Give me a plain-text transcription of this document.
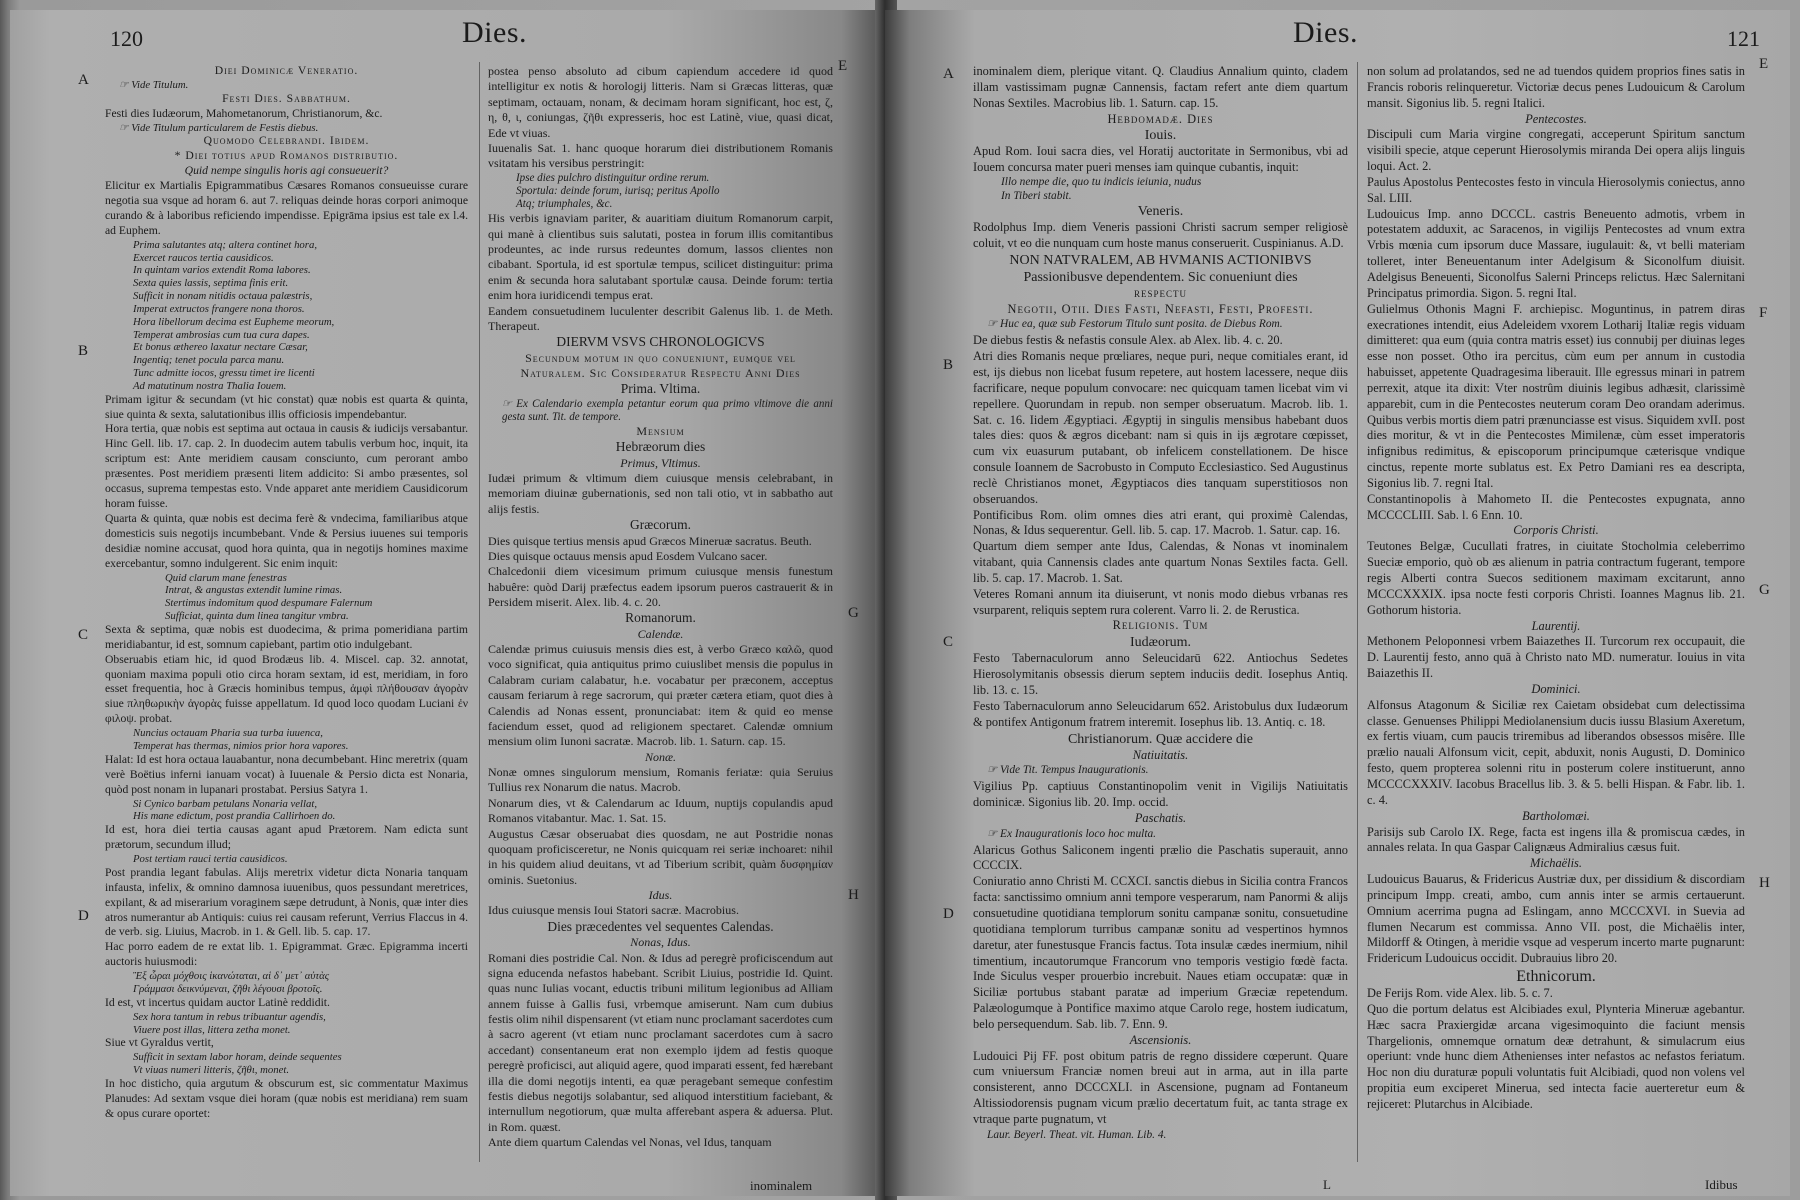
120	Dies.
A
B
C
D
E
G
H

Diei Dominicæ Veneratio.

☞ Vide Titulum.

Festi Dies. Sabbathum.

Festi dies Iudæorum, Mahometanorum, Christianorum, &c.

☞ Vide Titulum particularem de Festis diebus.

Quomodo Celebrandi. Ibidem.

* Diei totius apud Romanos distributio.

Quid nempe singulis horis agi consueuerit?

Elicitur ex Martialis Epigrammatibus Cæsares Romanos consueuisse curare negotia sua vsque ad horam 6. aut 7. reliquas deinde horas corpori animoque curando & à laboribus reficiendo impendisse. Epigrāma ipsius est tale ex l.4. ad Euphem.

Prima salutantes atq; altera continet hora,

Exercet raucos tertia causidicos.

In quintam varios extendit Roma labores.

Sexta quies lassis, septima finis erit.

Sufficit in nonam nitidis octaua palæstris,

Imperat extructos frangere nona thoros.

Hora libellorum decima est Eupheme meorum,

Temperat ambrosias cum tua cura dapes.

Et bonus æthereo laxatur nectare Cæsar,

Ingentiq; tenet pocula parca manu.

Tunc admitte iocos, gressu timet ire licenti

Ad matutinum nostra Thalia Iouem.

Primam igitur & secundam (vt hic constat) quæ nobis est quarta & quinta, siue quinta & sexta, salutationibus illis officiosis impendebantur.

Hora tertia, quæ nobis est septima aut octaua in causis & iudicijs versabantur. Hinc Gell. lib. 17. cap. 2. In duodecim autem tabulis verbum hoc, inquit, ita scriptum est: Ante meridiem causam consciunto, cum perorant ambo præsentes. Post meridiem præsenti litem addicito: Si ambo præsentes, sol occasus, suprema tempestas esto. Vnde apparet ante meridiem Causidicorum horam fuisse.

Quarta & quinta, quæ nobis est decima ferè & vndecima, familiaribus atque domesticis suis negotijs incumbebant. Vnde & Persius iuuenes sui temporis desidiæ nomine accusat, quod hora quinta, qua in negotijs homines maxime exercebantur, somno indulgerent. Sic enim inquit:

Quid clarum mane fenestras

Intrat, & angustas extendit lumine rimas.

Stertimus indomitum quod despumare Falernum

Sufficiat, quinta dum linea tangitur vmbra.

Sexta & septima, quæ nobis est duodecima, & prima pomeridiana partim meridiabantur, id est, somnum capiebant, partim otio indulgebant.

Obseruabis etiam hic, id quod Brodæus lib. 4. Miscel. cap. 32. annotat, quoniam maxima populi otio circa horam sextam, id est, meridiam, in foro esset frequentia, hoc à Græcis hominibus tempus, ἀμφὶ πλήθουσαν ἀγορὰν siue πληθωρικὴν ἀγορὰς fuisse appellatum. Id quod loco quodam Luciani ἐν φιλοψ. probat.

Nuncius octauam Pharia sua turba iuuenca,

Temperat has thermas, nimios prior hora vapores.

Halat: Id est hora octaua lauabantur, nona decumbebant. Hinc meretrix (quam verè Boëtius inferni ianuam vocat) à Iuuenale & Persio dicta est Nonaria, quòd post nonam in lupanari prostabat. Persius Satyra 1.

Si Cynico barbam petulans Nonaria vellat,

His mane edictum, post prandia Callirhoen do.

Id est, hora diei tertia causas agant apud Prætorem. Nam edicta sunt prætorum, secundum illud;

Post tertiam rauci tertia causidicos.

Post prandia legant fabulas. Alijs meretrix videtur dicta Nonaria tanquam infausta, infelix, & omnino damnosa iuuenibus, quos pessundant meretrices, expilant, & ad miserarium voraginem sæpe detrudunt, à Nonis, quæ inter dies atros numerantur ab Antiquis: cuius rei causam referunt, Verrius Flaccus in 4. de verb. sig. Liuius, Macrob. in 1. & Gell. lib. 5. cap. 17.

Hac porro eadem de re extat lib. 1. Epigrammat. Græc. Epigramma incerti auctoris huiusmodi:

Ἓξ ὧραι μόχθοις ἱκανώταται, αἱ δ᾽ μετ᾽ αὐτὰς

Γράμμασι δεικνύμεναι, ζῆθι λέγουσι βροτοῖς.

Id est, vt incertus quidam auctor Latinè reddidit.

Sex hora tantum in rebus tribuantur agendis,

Viuere post illas, littera zetha monet.

Siue vt Gyraldus vertit,

Sufficit in sextam labor horam, deinde sequentes

Vt viuas numeri litteris, ζῆθι, monet.

In hoc disticho, quia argutum & obscurum est, sic commentatur Maximus Planudes: Ad sextam vsque diei horam (quæ nobis est meridiana) rem suam & opus curare oportet:

postea penso absoluto ad cibum capiendum accedere id quod intelligitur ex notis & horologij litteris. Nam si Græcas litteras, quæ septimam, octauam, nonam, & decimam horam significant, hoc est, ζ, η, θ, ι, coniungas, ζῆθι expresseris, hoc est Latinè, viue, quasi dicat, Ede vt viuas.

Iuuenalis Sat. 1. hanc quoque horarum diei distributionem Romanis vsitatam his versibus perstringit:

Ipse dies pulchro distinguitur ordine rerum.

Sportula: deinde forum, iurisq; peritus Apollo

Atq; triumphales, &c.

His verbis ignaviam pariter, & auaritiam diuitum Romanorum carpit, qui manè à clientibus suis salutati, postea in forum illis comitantibus prodeuntes, ac inde rursus redeuntes domum, lassos clientes non cibabant. Sportula, id est sportulæ tempus, scilicet distinguitur: prima enim & secunda hora salutabant sportulæ causa. Deinde forum: tertia enim hora iuridicendi tempus erat.

Eandem consuetudinem luculenter describit Galenus lib. 1. de Meth. Therapeut.

DIERVM VSVS CHRONOLOGICVS

Secundum motum in quo conueniunt, eumque vel

Naturalem. Sic Consideratur Respectu Anni Dies

Prima. Vltima.

☞ Ex Calendario exempla petantur eorum qua primo vltimove die anni gesta sunt. Tit. de tempore.

Mensium

Hebræorum dies

Primus, Vltimus.

Iudæi primum & vltimum diem cuiusque mensis celebrabant, in memoriam diuinæ gubernationis, sed non tali otio, vt in sabbatho aut alijs festis.

Græcorum.

Dies quisque tertius mensis apud Græcos Mineruæ sacratus. Beuth.

Dies quisque octauus mensis apud Eosdem Vulcano sacer.

Chalcedonii diem vicesimum primum cuiusque mensis funestum habuêre: quòd Darij præfectus eadem ipsorum pueros castrauerit & in Persidem miserit. Alex. lib. 4. c. 20.

Romanorum.

Calendæ.

Calendæ primus cuiusuis mensis dies est, à verbo Græco καλῶ, quod voco significat, quia antiquitus primo cuiuslibet mensis die populus in Calabram curiam calabatur, h.e. vocabatur per præconem, acceptus causam feriarum à rege sacrorum, qui præter cætera etiam, quot dies à Calendis ad Nonas essent, pronunciabat: item & quid eo mense faciendum esset, quod ad religionem spectaret. Calendæ omnium mensium olim Iunoni sacratæ. Macrob. lib. 1. Saturn. cap. 15.

Nonæ.

Nonæ omnes singulorum mensium, Romanis feriatæ: quia Seruius Tullius rex Nonarum die natus. Macrob.

Nonarum dies, vt & Calendarum ac Iduum, nuptijs copulandis apud Romanos vitabantur. Mac. 1. Sat. 15.

Augustus Cæsar obseruabat dies quosdam, ne aut Postridie nonas quoquam proficisceretur, ne Nonis quicquam rei seriæ inchoaret: nihil in his quidem aliud deuitans, vt ad Tiberium scribit, quàm δυσφημίαν ominis. Suetonius.

Idus.

Idus cuiusque mensis Ioui Statori sacræ. Macrobius.

Dies præcedentes vel sequentes Calendas.

Nonas, Idus.

Romani dies postridie Cal. Non. & Idus ad peregrè proficiscendum aut signa educenda nefastos habebant. Scribit Liuius, postridie Id. Quint. quas nunc Iulias vocant, eductis tribuni militum legionibus ad Alliam annem fuisse à Gallis fusi, vrbemque amiserunt. Nam cum dubius festis olim nihil dispensarent (vt etiam nunc proclamant sacerdotes cum à sacro agerent (vt etiam nunc proclamant sacerdotes cum à sacro accedant) consentaneum erat non exemplo ijdem ad festis quoque peregrè proficisci, aut aliquid agere, quod imparati essent, fed hærebant illa die domi negotijs intenti, ea quæ peragebant semeque confestim festis diebus negotijs solabantur, sed aliquod interstitium faciebant, & internullum negotiorum, quæ multa afferebant aspera & aduersa. Plut. in Rom. quæst.

Ante diem quartum Calendas vel Nonas, vel Idus, tanquam

inominalem
Dies.	121
A
B
C
D
E
F
G
H

inominalem diem, plerique vitant. Q. Claudius Annalium quinto, cladem illam vastissimam pugnæ Cannensis, factam refert ante diem quartum Nonas Sextiles. Macrobius lib. 1. Saturn. cap. 15.

Hebdomadæ. Dies

Iouis.

Apud Rom. Ioui sacra dies, vel Horatij auctoritate in Sermonibus, vbi ad Iouem concursa mater pueri menses iam quinque cubantis, inquit:

Illo nempe die, quo tu indicis ieiunia, nudus

In Tiberi stabit.

Veneris.

Rodolphus Imp. diem Veneris passioni Christi sacrum semper religiosè coluit, vt eo die nunquam cum hoste manus conseruerit. Cuspinianus. A.D.

NON NATVRALEM, AB HVMANIS ACTIONIBVS

Passionibusve dependentem. Sic conueniunt dies

respectu

Negotii, Otii. Dies Fasti, Nefasti, Festi, Profesti.

☞ Huc ea, quæ sub Festorum Titulo sunt posita. de Diebus Rom.

De diebus festis & nefastis consule Alex. ab Alex. lib. 4. c. 20.

Atri dies Romanis neque prœliares, neque puri, neque comitiales erant, id est, ijs diebus non licebat fusum repetere, aut hostem lacessere, neque diis facrificare, neque populum convocare: nec quicquam tamen licebat vim vi repellere. Quorundam in repub. non semper obseruatum. Macrob. lib. 1. Sat. c. 16. Iidem Ægyptiaci. Ægyptij in singulis mensibus habebant duos tales dies: quos & ægros dicebant: nam si quis in ijs ægrotare cœpisset, cum vix euasurum putabant, ob infelicem constellationem. De hisce consule Ioannem de Sacrobusto in Computo Ecclesiastico. Sed Augustinus reclè Christianos monet, Ægyptiacos dies tanquam superstitiosos non obseruandos.

Pontificibus Rom. olim omnes dies atri erant, qui proximè Calendas, Nonas, & Idus sequerentur. Gell. lib. 5. cap. 17. Macrob. 1. Satur. cap. 16.

Quartum diem semper ante Idus, Calendas, & Nonas vt inominalem vitabant, quia Cannensis clades ante quartum Nonas Sextiles facta. Gell. lib. 5. cap. 17. Macrob. 1. Sat.

Veteres Romani annum ita diuiserunt, vt nonis modo diebus vrbanas res vsurparent, reliquis septem rura colerent. Varro li. 2. de Rerustica.

Religionis. Tum

Iudæorum.

Festo Tabernaculorum anno Seleucidarū 622. Antiochus Sedetes Hierosolymitanis obsessis dierum septem induciis dedit. Iosephus Antiq. lib. 13. c. 15.

Festo Tabernaculorum anno Seleucidarum 652. Aristobulus dux Iudæorum & pontifex Antigonum fratrem interemit. Iosephus lib. 13. Antiq. c. 18.

Christianorum. Quæ accidere die

Natiuitatis.

☞ Vide Tit. Tempus Inaugurationis.

Vigilius Pp. captiuus Constantinopolim venit in Vigilijs Natiuitatis dominicæ. Sigonius lib. 20. Imp. occid.

Paschatis.

☞ Ex Inaugurationis loco hoc multa.

Alaricus Gothus Saliconem ingenti prælio die Paschatis superauit, anno CCCCIX.

Coniuratio anno Christi M. CCXCI. sanctis diebus in Sicilia contra Francos facta: sanctissimo omnium anni tempore vesperarum, nam Panormi & alijs consuetudine quotidiana templorum sonitu campanæ sonitu, consuetudine quotidiana templorum turribus campanæ sonitu ad vespertinos hymnos daretur, ater funestusque Francis factus. Tota insulæ cædes inermium, nihil timentium, incautorumque Francorum vno temporis vestigio fœdè facta. Inde Siculus vesper prouerbio increbuit. Naues etiam occupatæ: quæ in Siciliæ portubus stabant paratæ ad imperium Græciæ repetendum. Palæologumque à Pontifice maximo atque Carolo rege, hostem iudicatum, belo persequendum. Sab. lib. 7. Enn. 9.

Ascensionis.

Ludouici Pij FF. post obitum patris de regno dissidere cœperunt. Quare cum vniuersum Franciæ nomen breui aut in arma, aut in illa parte consisterent, anno DCCCXLI. in Ascensione, pugnam ad Fontaneum Altissiodorensis pugnam vicum prælio decertatum fuit, ac tanta strage ex vtraque parte pugnatum, vt

Laur. Beyerl. Theat. vit. Human. Lib. 4.

non solum ad prolatandos, sed ne ad tuendos quidem proprios fines satis in Francis roboris relinqueretur. Victoriæ decus penes Ludouicum & Carolum mansit. Sigonius lib. 5. regni Italici.

Pentecostes.

Discipuli cum Maria virgine congregati, acceperunt Spiritum sanctum visibili specie, atque ceperunt Hierosolymis miranda Dei opera alijs linguis loqui. Act. 2.

Paulus Apostolus Pentecostes festo in vincula Hierosolymis coniectus, anno Sal. LIII.

Ludouicus Imp. anno DCCCL. castris Beneuento admotis, vrbem in potestatem adduxit, ac Saracenos, in vigilijs Pentecostes ad vnum extra Vrbis mœnia cum ipsorum duce Massare, iugulauit: &, vt belli materiam tolleret, inter Beneuentanum inter Adelgisum & Siconolfum diuisit. Adelgisus Beneuenti, Siconolfus Salerni Princeps relictus. Hæc Salernitani Principatus primordia. Sigon. 5. regni Ital.

Gulielmus Othonis Magni F. archiepisc. Moguntinus, in patrem diras execrationes intendit, eius Adeleidem vxorem Lotharij Italiæ regis viduam dimitteret: qua eum (quia contra matris esset) ius connubij per diuinas leges esse non posset. Otho ira percitus, cùm eum per annum in custodia habuisset, appetente Quadragesima liberauit. Ille egressus minari in patrem perrexit, atque ita dixit: Vter nostrûm diuinis legibus adhæsit, clarissimè apparebit, cum in die Pentecostes neuterum coram Deo orandam aderimus. Quibus verbis mortis diem patri prænunciasse est visus. Siquidem xvII. post dies moritur, & vt in die Pentecostes Mimilenæ, cùm esset imperatoris infignibus redimitus, & episcoporum principumque cæterisque vndique cinctus, repente morte sublatus est. Ex Petro Damiani res ea descripta, Sigonius lib. 7. regni Ital.

Constantinopolis à Mahometo II. die Pentecostes expugnata, anno MCCCCLIII. Sab. l. 6 Enn. 10.

Corporis Christi.

Teutones Belgæ, Cucullati fratres, in ciuitate Stocholmia celeberrimo Sueciæ emporio, quò ob æs alienum in patria contractum fugerant, tempore regis Alberti contra Suecos seditionem maximam excitarunt, anno MCCCXXXIX. ipsa nocte festi corporis Christi. Ioannes Magnus lib. 21. Gothorum historia.

Laurentij.

Methonem Peloponnesi vrbem Baiazethes II. Turcorum rex occupauit, die D. Laurentij festo, anno quā à Christo nato MD. numeratur. Iouius in vita Baiazethis II.

Dominici.

Alfonsus Atagonum & Siciliæ rex Caietam obsidebat cum delectissima classe. Genuenses Philippi Mediolanensium ducis iussu Blasium Axeretum, ex fertis viuam, cum paucis triremibus ad liberandos obsessos misêre. Ille prælio nauali Alfonsum vicit, cepit, abduxit, nonis Augusti, D. Dominico festo, quem propterea solenni ritu in posterum colere instituerunt, anno MCCCCXXXIV. Iacobus Bracellus lib. 3. & 5. belli Hispan. & Fabr. lib. 1. c. 4.

Bartholomæi.

Parisijs sub Carolo IX. Rege, facta est ingens illa & promiscua cædes, in annales relata. In qua Gaspar Calignæus Admiralius cæsus fuit.

Michaëlis.

Ludouicus Bauarus, & Fridericus Austriæ dux, per dissidium & discordiam principum Impp. creati, ambo, cum annis inter se armis certauerunt. Omnium acerrima pugna ad Eslingam, anno MCCCXVI. in Suevia ad flumen Necarum est commissa. Anno VII. post, die Michaëlis inter, Mildorff & Otingen, à meridie vsque ad vesperum incerto marte pugnarunt: Fridericum Ludouicus occidit. Dubrauius libro 20.

Ethnicorum.

De Ferijs Rom. vide Alex. lib. 5. c. 7.

Quo die portum delatus est Alcibiades exul, Plynteria Mineruæ agebantur. Hæc sacra Praxiergidæ arcana vigesimoquinto die faciunt mensis Thargelionis, omnemque ornatum deæ detrahunt, & simulacrum eius operiunt: vnde hunc diem Athenienses inter nefastos ac nefastos feriatum. Hoc non diu duraturæ populi voluntatis fuit Alcibiadi, quod non volens vel propitia eum exciperet Minerua, sed intecta facie auerteretur eum & rejiceret: Plutarchus in Alcibiade.

L	Idibus
